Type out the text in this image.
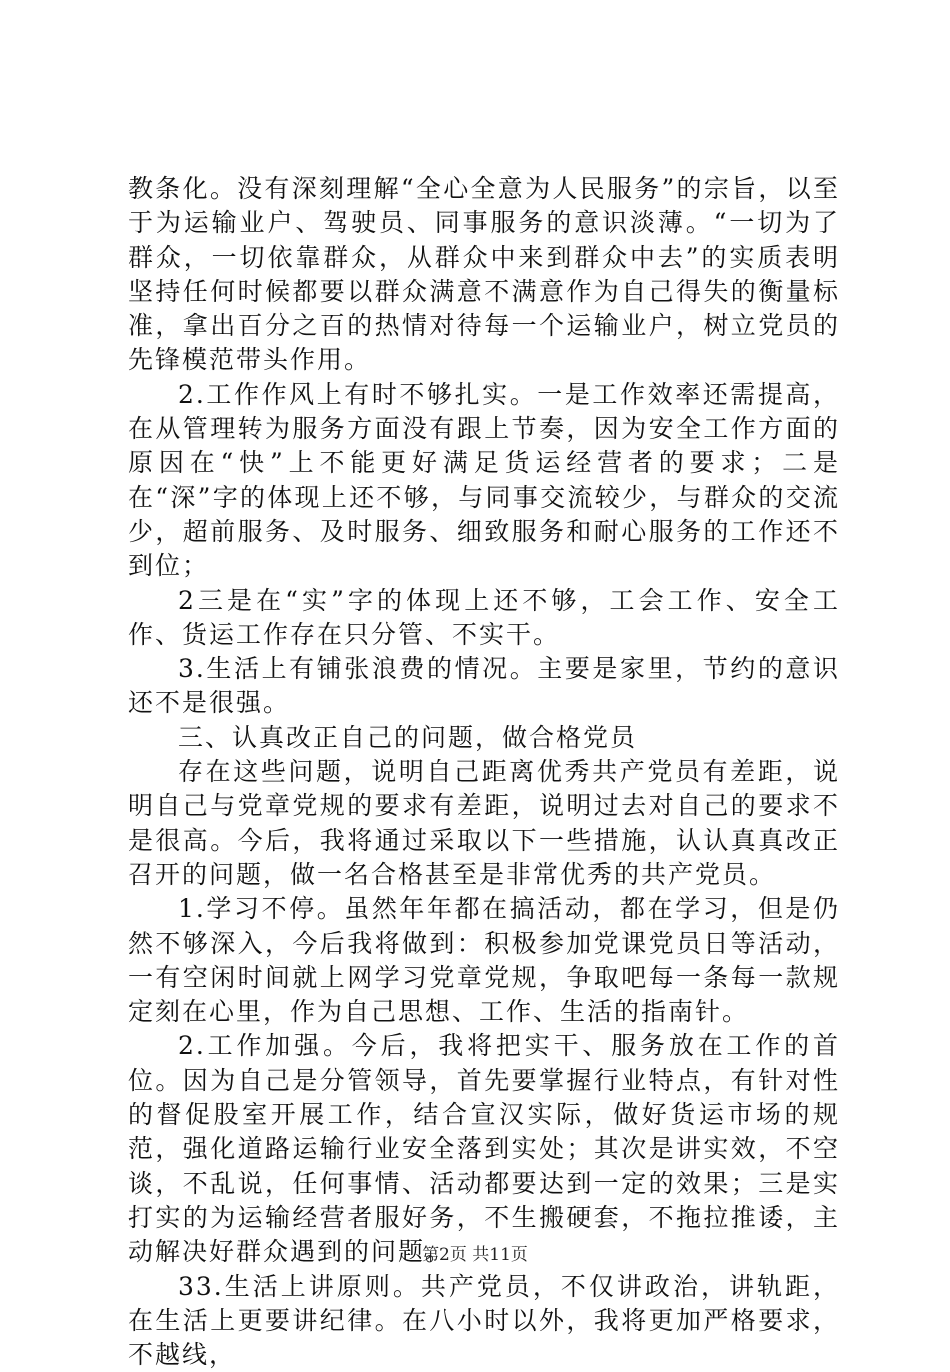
教条化。没有深刻理解“全心全意为人民服务”的宗旨，以至于为运输业户、驾驶员、同事服务的意识淡薄。“一切为了群众，一切依靠群众，从群众中来到群众中去”的实质表明坚持任何时候都要以群众满意不满意作为自己得失的衡量标准，拿出百分之百的热情对待每一个运输业户，树立党员的先锋模范带头作用。

2.工作作风上有时不够扎实。一是工作效率还需提高，在从管理转为服务方面没有跟上节奏，因为安全工作方面的原因在“快”上不能更好满足货运经营者的要求；二是在“深”字的体现上还不够，与同事交流较少，与群众的交流少，超前服务、及时服务、细致服务和耐心服务的工作还不到位；

2三是在“实”字的体现上还不够，工会工作、安全工作、货运工作存在只分管、不实干。

3.生活上有铺张浪费的情况。主要是家里，节约的意识还不是很强。

三、认真改正自己的问题，做合格党员

存在这些问题，说明自己距离优秀共产党员有差距，说明自己与党章党规的要求有差距，说明过去对自己的要求不是很高。今后，我将通过采取以下一些措施，认认真真改正召开的问题，做一名合格甚至是非常优秀的共产党员。

1.学习不停。虽然年年都在搞活动，都在学习，但是仍然不够深入，今后我将做到：积极参加党课党员日等活动，一有空闲时间就上网学习党章党规，争取吧每一条每一款规定刻在心里，作为自己思想、工作、生活的指南针。

2.工作加强。今后，我将把实干、服务放在工作的首位。因为自己是分管领导，首先要掌握行业特点，有针对性的督促股室开展工作，结合宣汉实际，做好货运市场的规范，强化道路运输行业安全落到实处；其次是讲实效，不空谈，不乱说，任何事情、活动都要达到一定的效果；三是实打实的为运输经营者服好务，不生搬硬套，不拖拉推诿，主动解决好群众遇到的问题。

33.生活上讲原则。共产党员，不仅讲政治，讲轨距，在生活上更要讲纪律。在八小时以外，我将更加严格要求，不越线，

第2页 共11页
